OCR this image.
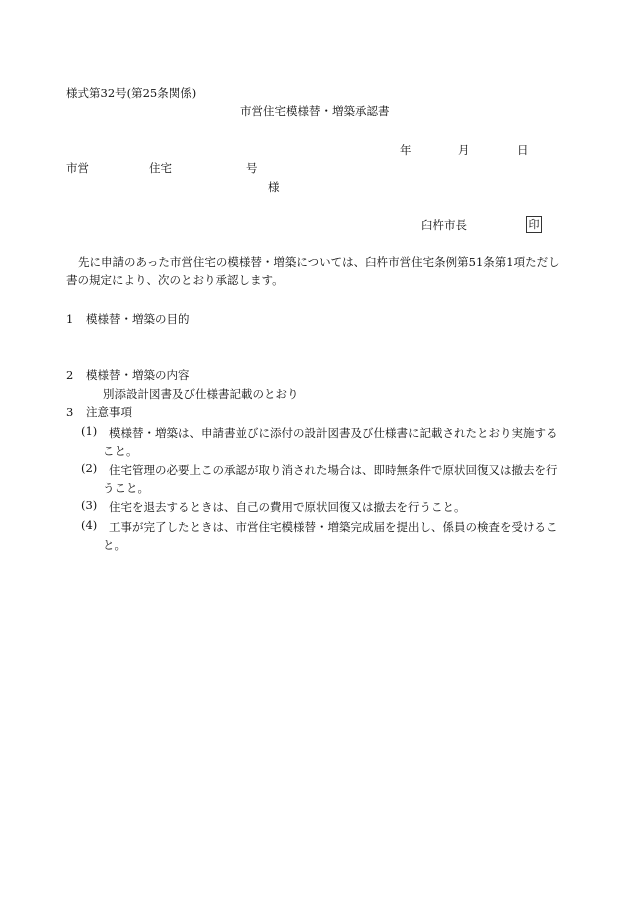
様式第32号(第25条関係)
市営住宅模様替・増築承認書
年	月	日
市営	住宅	号
様
臼杵市長	印
先に申請のあった市営住宅の模様替・増築については、臼杵市営住宅条例第51条第1項ただし書の規定により、次のとおり承認します。
1 模様替・増築の目的
2 模様替・増築の内容
別添設計図書及び仕様書記載のとおり
3 注意事項
(1)	模様替・増築は、申請書並びに添付の設計図書及び仕様書に記載されたとおり実施すること。
(2)	住宅管理の必要上この承認が取り消された場合は、即時無条件で原状回復又は撤去を行うこと。
(3)	住宅を退去するときは、自己の費用で原状回復又は撤去を行うこと。
(4)	工事が完了したときは、市営住宅模様替・増築完成届を提出し、係員の検査を受けること。
